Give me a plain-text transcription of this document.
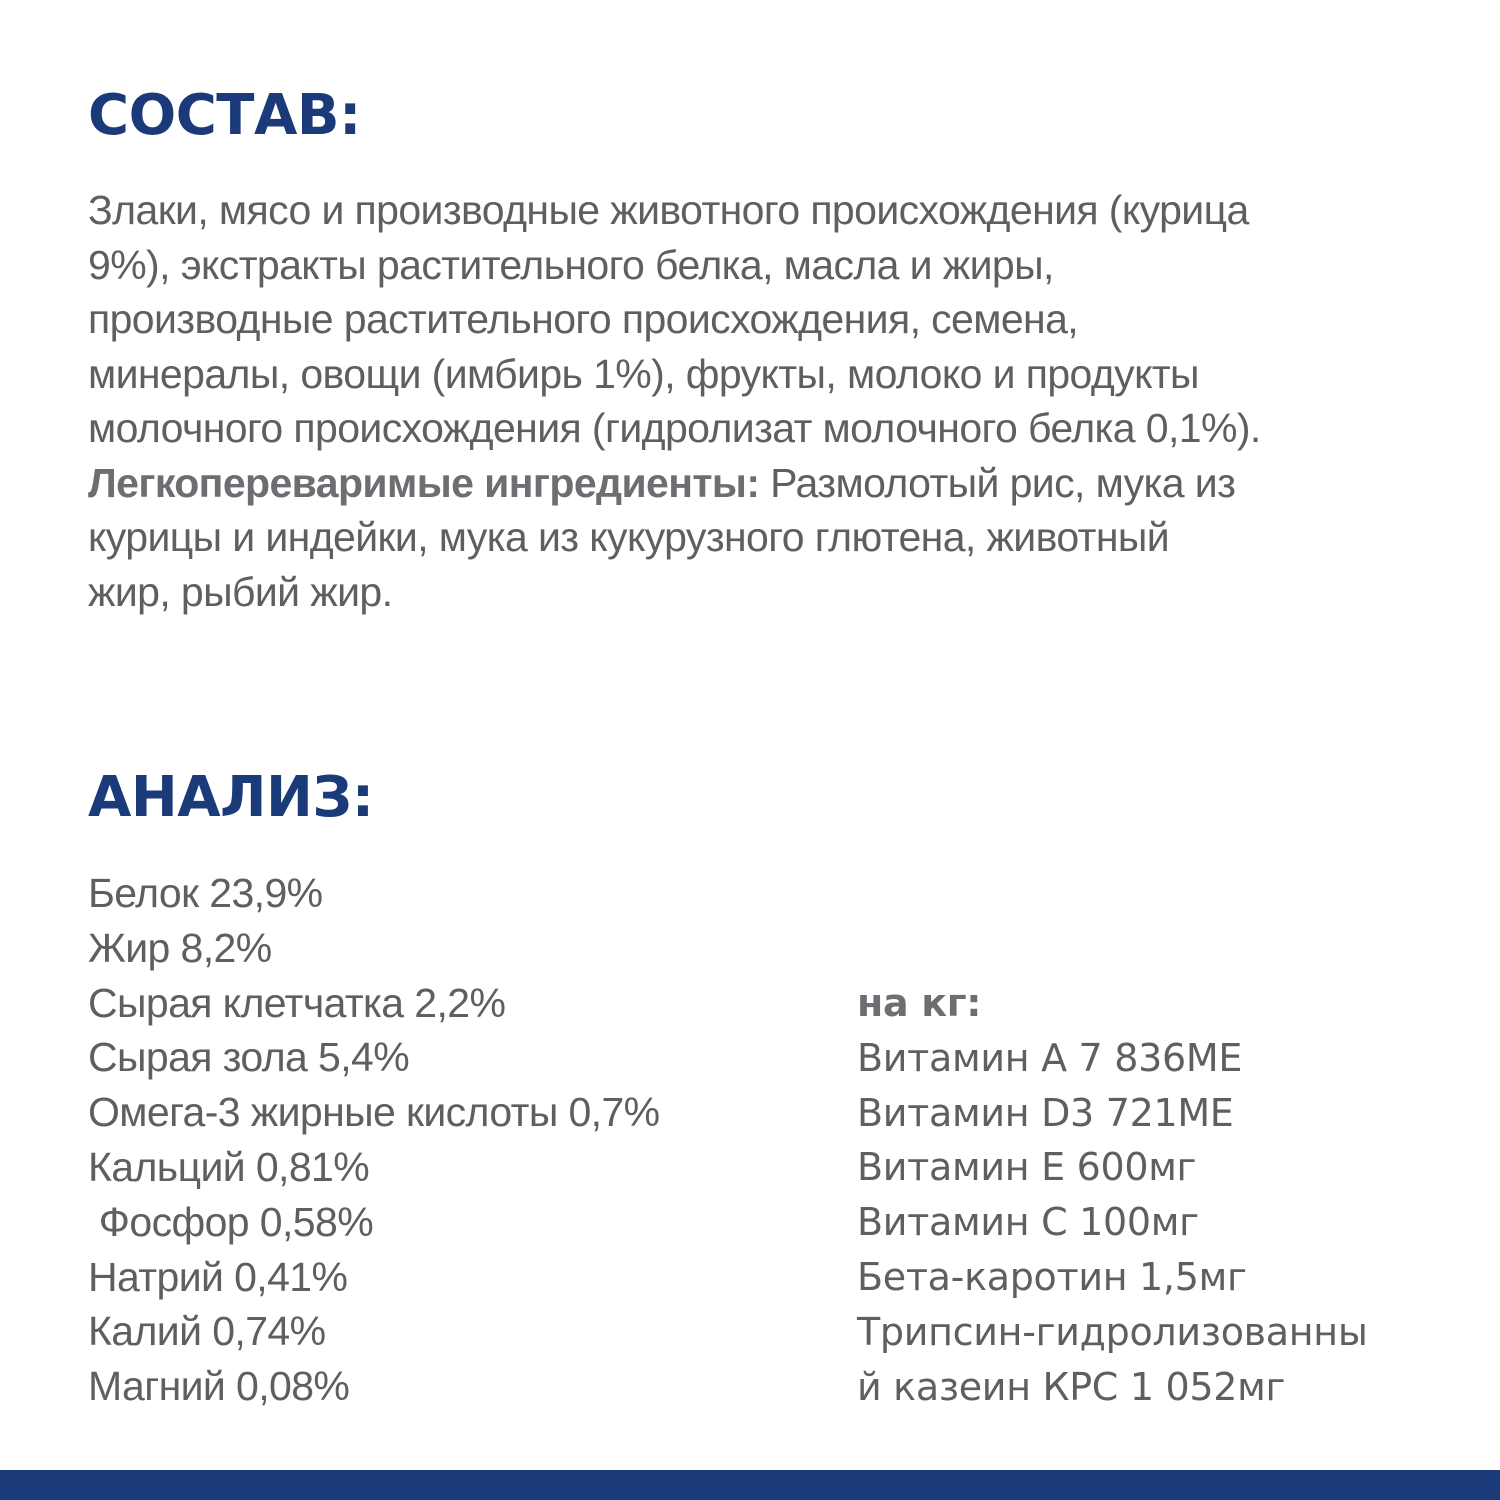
СОСТАВ:

Злаки, мясо и производные животного происхождения (курица
9%), экстракты растительного белка, масла и жиры,
производные растительного происхождения, семена,
минералы, овощи (имбирь 1%), фрукты, молоко и продукты
молочного происхождения (гидролизат молочного белка 0,1%).
Легкопереваримые ингредиенты: Размолотый рис, мука из
курицы и индейки, мука из кукурузного глютена, животный
жир, рыбий жир.

АНАЛИЗ:
Белок 23,9%
Жир 8,2%
Сырая клетчатка 2,2%
Сырая зола 5,4%
Омега-3 жирные кислоты 0,7%
Кальций 0,81%
Фосфор 0,58%
Натрий 0,41%
Калий 0,74%
Магний 0,08%
на кг:
Витамин А 7 836МЕ
Витамин D3 721МЕ
Витамин Е 600мг
Витамин С 100мг
Бета-каротин 1,5мг
Трипсин-гидролизованны
й казеин КРС 1 052мг
